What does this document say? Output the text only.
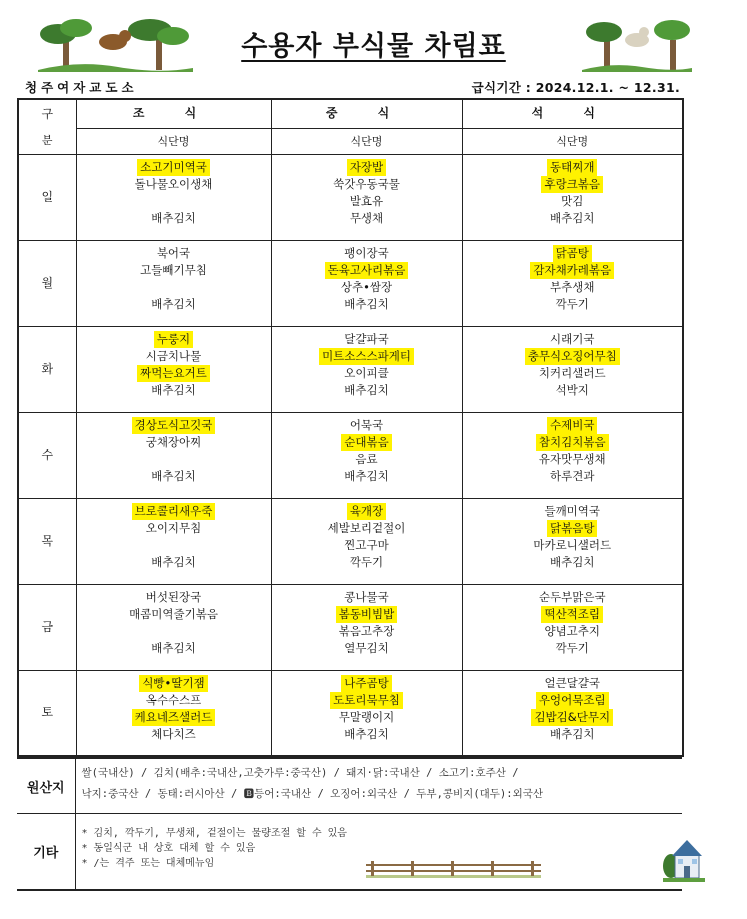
수용자 부식물 차림표
청주여자교도소	급식기간 : 2024.12.1. ~ 12.31.
구	조 식	중 식	석 식
분	식단명	식단명	식단명
일	소고기미역국
돌나물오이생채
배추김치	자장밥
쑥갓우동국물
발효유
무생채	동태찌개
후랑크볶음
맛김
배추김치

월	북어국
고들빼기무침
배추김치	팽이장국
돈육고사리볶음
상추•쌈장
배추김치	닭곰탕
감자채카레볶음
부추생채
깍두기

화	누룽지
시금치나물
짜먹는요거트
배추김치	달걀파국
미트소스스파게티
오이피클
배추김치	시래기국
충무식오징어무침
치커리샐러드
석박지

수	경상도식고깃국
궁채장아찌
배추김치	어묵국
순대볶음
음료
배추김치	수제비국
참치김치볶음
유자맛무생채
하루견과

목	브로콜리새우죽
오이지무침
배추김치	육개장
세발보리겉절이
찐고구마
깍두기	들깨미역국
닭볶음탕
마카로니샐러드
배추김치

금	버섯된장국
매콤미역줄기볶음
배추김치	콩나물국
봄동비빔밥
볶음고추장
열무김치	순두부맑은국
떡산적조림
양념고추지
깍두기

토	식빵•딸기잼
옥수수스프
케요네즈샐러드
체다치즈	나주곰탕
도토리묵무침
무말랭이지
배추김치	얼큰달걀국
우엉어묵조림
김밥김&단무지
배추김치
원산지	쌀(국내산) / 김치(배추:국내산,고춧가루:중국산) / 돼지·닭:국내산 / 소고기:호주산 /
낙지:중국산 / 동태:러시아산 / 🅱등어:국내산 / 오징어:외국산 / 두부,콩비지(대두):외국산

기타	* 김치, 깍두기, 무생채, 겉절이는 물량조절 할 수 있음
* 동일식군 내 상호 대체 할 수 있음
* /는 격주 또는 대체메뉴임
